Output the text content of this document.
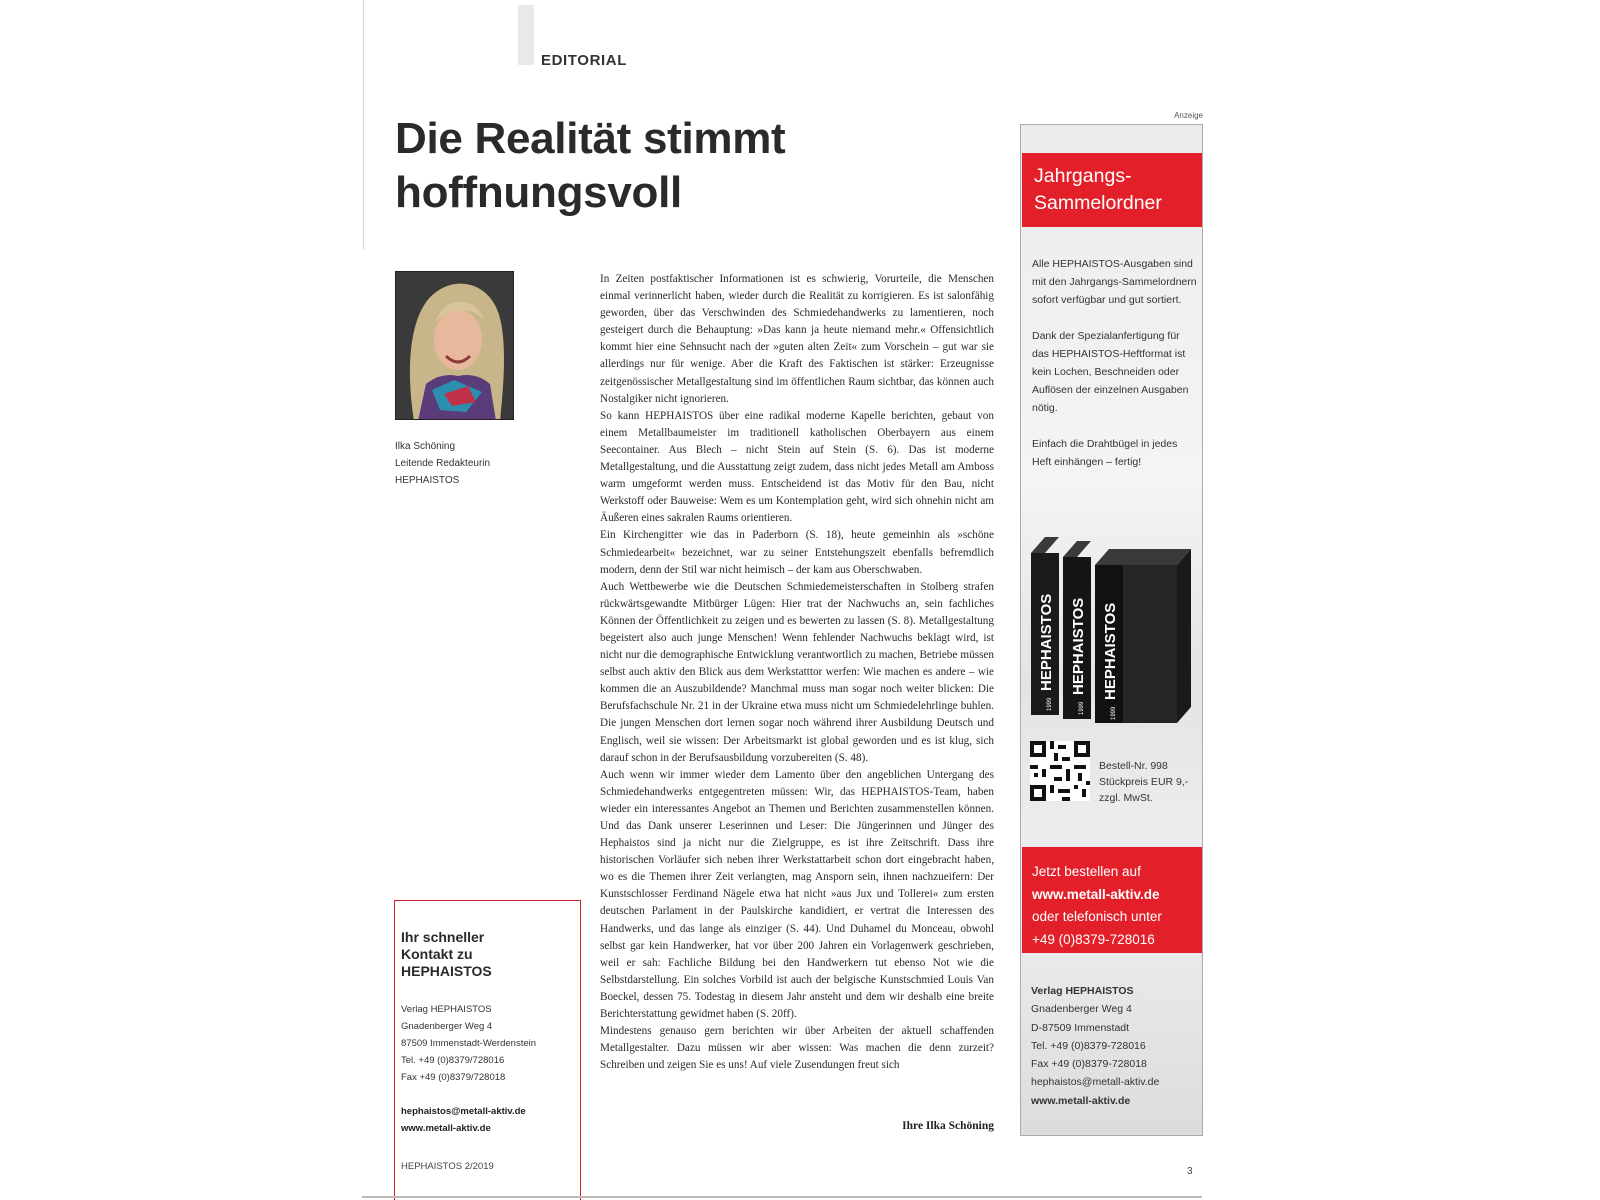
EDITORIAL
Die Realität stimmt
hoffnungsvoll
Ilka Schöning
Leitende Redakteurin
HEPHAISTOS
Ihr schneller
Kontakt zu
HEPHAISTOS
Verlag HEPHAISTOS
Gnadenberger Weg 4
87509 Immenstadt-Werdenstein
Tel. +49 (0)8379/728016
Fax +49 (0)8379/728018
hephaistos@metall-aktiv.de
www.metall-aktiv.de
HEPHAISTOS 2/2019

In Zeiten postfaktischer Informationen ist es schwierig, Vorurteile, die Menschen einmal verinnerlicht haben, wieder durch die Realität zu korrigieren. Es ist salonfähig geworden, über das Verschwinden des Schmiedehandwerks zu lamentieren, noch gesteigert durch die Behauptung: »Das kann ja heute niemand mehr.« Offensichtlich kommt hier eine Sehnsucht nach der »guten alten Zeit« zum Vorschein – gut war sie allerdings nur für wenige. Aber die Kraft des Faktischen ist stärker: Erzeugnisse zeitgenössischer Metallgestaltung sind im öffentlichen Raum sichtbar, das können auch Nostalgiker nicht ignorieren.

So kann HEPHAISTOS über eine radikal moderne Kapelle berichten, gebaut von einem Metallbaumeister im traditionell katholischen Oberbayern aus einem Seecontainer. Aus Blech – nicht Stein auf Stein (S. 6). Das ist moderne Metallgestaltung, und die Ausstattung zeigt zudem, dass nicht jedes Metall am Amboss warm umgeformt werden muss. Entscheidend ist das Motiv für den Bau, nicht Werkstoff oder Bauweise: Wem es um Kontemplation geht, wird sich ohnehin nicht am Äußeren eines sakralen Raums orientieren.

Ein Kirchengitter wie das in Paderborn (S. 18), heute gemeinhin als »schöne Schmiedearbeit« bezeichnet, war zu seiner Entstehungszeit ebenfalls befremdlich modern, denn der Stil war nicht heimisch – der kam aus Oberschwaben.

Auch Wettbewerbe wie die Deutschen Schmiedemeisterschaften in Stolberg strafen rückwärtsgewandte Mitbürger Lügen: Hier trat der Nachwuchs an, sein fachliches Können der Öffentlichkeit zu zeigen und es bewerten zu lassen (S. 8). Metallgestaltung begeistert also auch junge Menschen! Wenn fehlender Nachwuchs beklagt wird, ist nicht nur die demographische Entwicklung verantwortlich zu machen, Betriebe müssen selbst auch aktiv den Blick aus dem Werkstatttor werfen: Wie machen es andere – wie kommen die an Auszubildende? Manchmal muss man sogar noch weiter blicken: Die Berufsfachschule Nr. 21 in der Ukraine etwa muss nicht um Schmiedelehrlinge buhlen. Die jungen Menschen dort lernen sogar noch während ihrer Ausbildung Deutsch und Englisch, weil sie wissen: Der Arbeitsmarkt ist global geworden und es ist klug, sich darauf schon in der Berufsausbildung vorzubereiten (S. 48).

Auch wenn wir immer wieder dem Lamento über den angeblichen Untergang des Schmiedehandwerks entgegentreten müssen: Wir, das HEPHAISTOS-Team, haben wieder ein interessantes Angebot an Themen und Berichten zusammenstellen können. Und das Dank unserer Leserinnen und Leser: Die Jüngerinnen und Jünger des Hephaistos sind ja nicht nur die Zielgruppe, es ist ihre Zeitschrift. Dass ihre historischen Vorläufer sich neben ihrer Werkstattarbeit schon dort eingebracht haben, wo es die Themen ihrer Zeit verlangten, mag Ansporn sein, ihnen nachzueifern: Der Kunstschlosser Ferdinand Nägele etwa hat nicht »aus Jux und Tollerei« zum ersten deutschen Parlament in der Paulskirche kandidiert, er vertrat die Interessen des Handwerks, und das lange als einziger (S. 44). Und Duhamel du Monceau, obwohl selbst gar kein Handwerker, hat vor über 200 Jahren ein Vorlagenwerk geschrieben, weil er sah: Fachliche Bildung bei den Handwerkern tut ebenso Not wie die Selbstdarstellung. Ein solches Vorbild ist auch der belgische Kunstschmied Louis Van Boeckel, dessen 75. Todestag in diesem Jahr ansteht und dem wir deshalb eine breite Berichterstattung gewidmet haben (S. 20ff).

Mindestens genauso gern berichten wir über Arbeiten der aktuell schaffenden Metallgestalter. Dazu müssen wir aber wissen: Was machen die denn zurzeit? Schreiben und zeigen Sie es uns! Auf viele Zusendungen freut sich

Ihre Ilka Schöning
Anzeige
Jahrgangs-
Sammelordner

Alle HEPHAISTOS-Ausgaben sind mit den Jahrgangs-Sammelordnern sofort verfügbar und gut sortiert.

Dank der Spezialanfertigung für das HEPHAISTOS-Heftformat ist kein Lochen, Beschneiden oder Auflösen der einzelnen Ausgaben nötig.

Einfach die Drahtbügel in jedes Heft einhängen – fertig!

HEPHAISTOS
1999
HEPHAISTOS
1999
HEPHAISTOS
1999
Bestell-Nr. 998
Stückpreis EUR 9,-
zzgl. MwSt.
Jetzt bestellen auf
www.metall-aktiv.de
oder telefonisch unter
+49 (0)8379-728016
Verlag HEPHAISTOS
Gnadenberger Weg 4
D-87509 Immenstadt
Tel. +49 (0)8379-728016
Fax +49 (0)8379-728018
hephaistos@metall-aktiv.de
www.metall-aktiv.de
3
